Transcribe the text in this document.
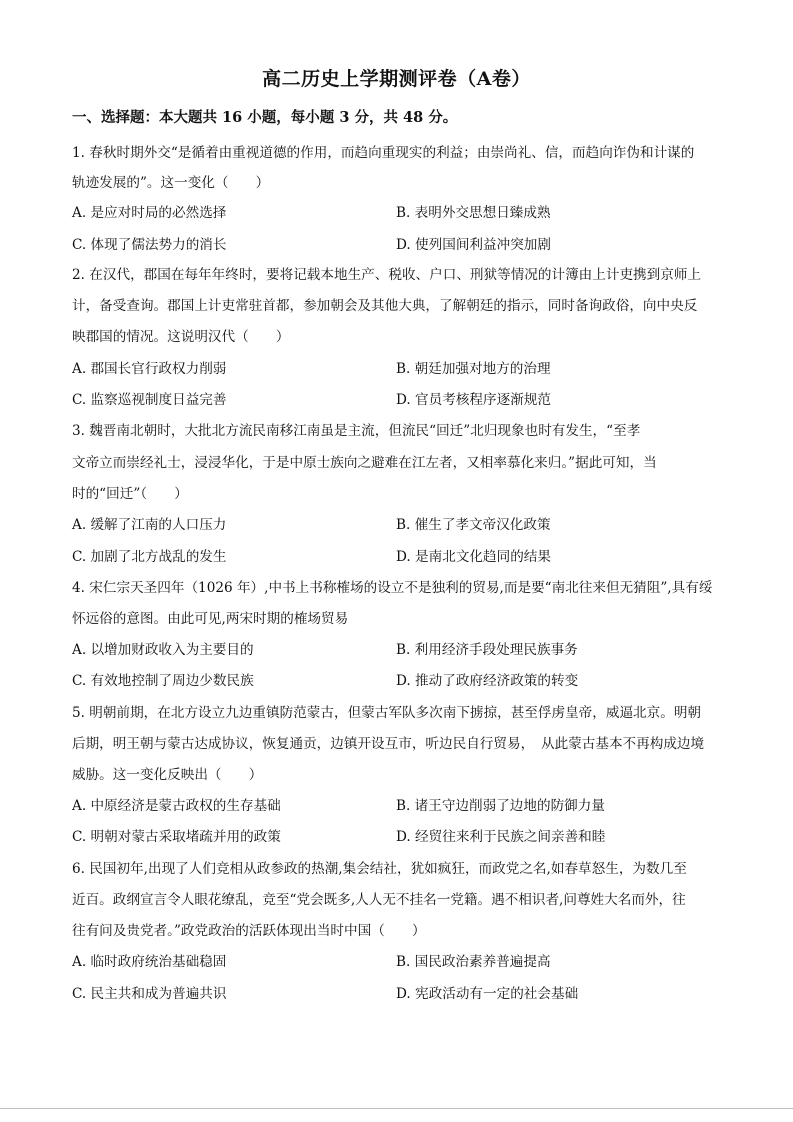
高二历史上学期测评卷（A卷）
一、选择题：本大题共 16 小题，每小题 3 分，共 48 分。
1. 春秋时期外交“是循着由重视道德的作用，而趋向重现实的利益；由崇尚礼、信，而趋向诈伪和计谋的
轨迹发展的”。这一变化（　　）
A. 是应对时局的必然选择	B. 表明外交思想日臻成熟
C. 体现了儒法势力的消长	D. 使列国间利益冲突加剧
2. 在汉代，郡国在每年年终时，要将记载本地生产、税收、户口、刑狱等情况的计簿由上计吏携到京师上
计，备受查询。郡国上计吏常驻首都，参加朝会及其他大典，了解朝廷的指示，同时备询政俗，向中央反
映郡国的情况。这说明汉代（　　）
A. 郡国长官行政权力削弱	B. 朝廷加强对地方的治理
C. 监察巡视制度日益完善	D. 官员考核程序逐渐规范
3. 魏晋南北朝时，大批北方流民南移江南虽是主流，但流民“回迁”北归现象也时有发生，“至孝
文帝立而崇经礼士，浸浸华化，于是中原士族向之避难在江左者，又相率慕化来归。”据此可知，当
时的“回迁”（　　）
A. 缓解了江南的人口压力	B. 催生了孝文帝汉化政策
C. 加剧了北方战乱的发生	D. 是南北文化趋同的结果
4. 宋仁宗天圣四年（1026 年）,中书上书称榷场的设立不是独利的贸易,而是要“南北往来但无猜阻”,具有绥
怀远俗的意图。由此可见,两宋时期的榷场贸易
A. 以增加财政收入为主要目的	B. 利用经济手段处理民族事务
C. 有效地控制了周边少数民族	D. 推动了政府经济政策的转变
5. 明朝前期，在北方设立九边重镇防范蒙古，但蒙古军队多次南下掳掠，甚至俘虏皇帝，威逼北京。明朝
后期，明王朝与蒙古达成协议，恢复通贡，边镇开设互市，听边民自行贸易，　从此蒙古基本不再构成边境
威胁。这一变化反映出（　　）
A. 中原经济是蒙古政权的生存基础	B. 诸王守边削弱了边地的防御力量
C. 明朝对蒙古采取堵疏并用的政策	D. 经贸往来利于民族之间亲善和睦
6. 民国初年,出现了人们竞相从政参政的热潮,集会结社，犹如疯狂，而政党之名,如春草怒生，为数几至
近百。政纲宣言令人眼花缭乱，竞至“党会既多,人人无不挂名一党籍。遇不相识者,问尊姓大名而外，往
往有问及贵党者。”政党政治的活跃体现出当时中国（　　）
A. 临时政府统治基础稳固	B. 国民政治素养普遍提高
C. 民主共和成为普遍共识	D. 宪政活动有一定的社会基础
